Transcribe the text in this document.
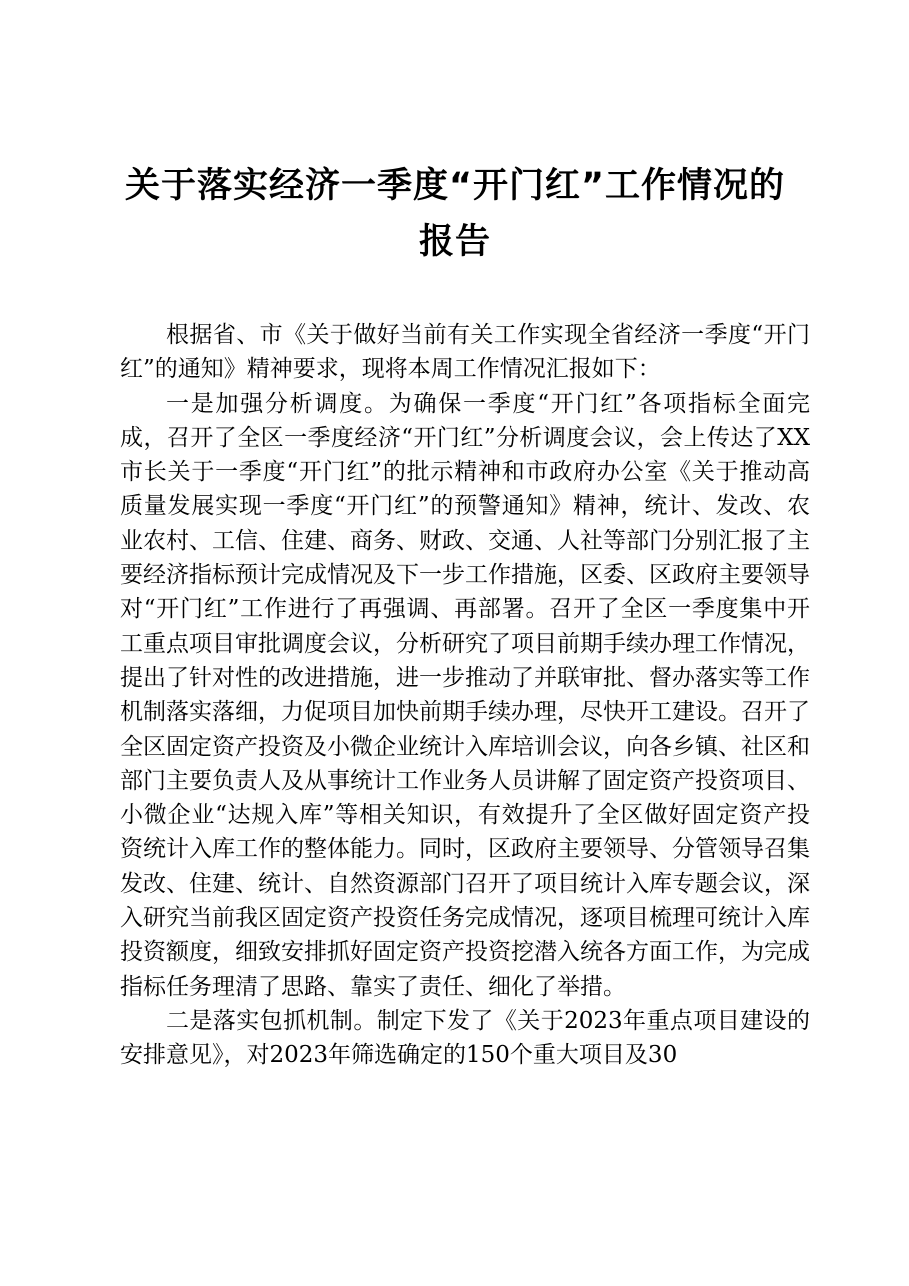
关于落实经济一季度“开门红”工作情况的报告

根据省、市《关于做好当前有关工作实现全省经济一季度“开门红”的通知》精神要求，现将本周工作情况汇报如下：

一是加强分析调度。为确保一季度“开门红”各项指标全面完成，召开了全区一季度经济“开门红”分析调度会议，会上传达了XX市长关于一季度“开门红”的批示精神和市政府办公室《关于推动高质量发展实现一季度“开门红”的预警通知》精神，统计、发改、农业农村、工信、住建、商务、财政、交通、人社等部门分别汇报了主要经济指标预计完成情况及下一步工作措施，区委、区政府主要领导对“开门红”工作进行了再强调、再部署。召开了全区一季度集中开工重点项目审批调度会议，分析研究了项目前期手续办理工作情况，提出了针对性的改进措施，进一步推动了并联审批、督办落实等工作机制落实落细，力促项目加快前期手续办理，尽快开工建设。召开了全区固定资产投资及小微企业统计入库培训会议，向各乡镇、社区和部门主要负责人及从事统计工作业务人员讲解了固定资产投资项目、小微企业“达规入库”等相关知识，有效提升了全区做好固定资产投资统计入库工作的整体能力。同时，区政府主要领导、分管领导召集发改、住建、统计、自然资源部门召开了项目统计入库专题会议，深入研究当前我区固定资产投资任务完成情况，逐项目梳理可统计入库投资额度，细致安排抓好固定资产投资挖潜入统各方面工作，为完成指标任务理清了思路、靠实了责任、细化了举措。

二是落实包抓机制。制定下发了《关于2023年重点项目建设的安排意见》，对2023年筛选确定的150个重大项目及30
